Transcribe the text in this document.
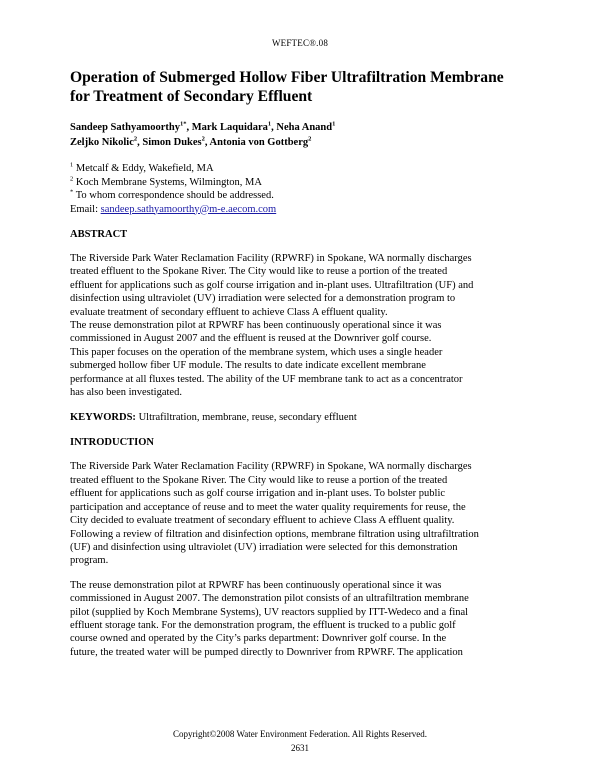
WEFTEC®.08
Operation of Submerged Hollow Fiber Ultrafiltration Membrane
for Treatment of Secondary Effluent
Sandeep Sathyamoorthy$^{1*}$, Mark Laquidara$^1$, Neha Anand$^1$
Zeljko Nikolic$^2$, Simon Dukes$^2$, Antonia von Gottberg$^2$
$^1$ Metcalf & Eddy, Wakefield, MA
$^2$ Koch Membrane Systems, Wilmington, MA
* To whom correspondence should be addressed.
Email: sandeep.sathyamoorthy@m-e.aecom.com
ABSTRACT
The Riverside Park Water Reclamation Facility (RPWRF) in Spokane, WA normally discharges
treated effluent to the Spokane River. The City would like to reuse a portion of the treated
effluent for applications such as golf course irrigation and in-plant uses. Ultrafiltration (UF) and
disinfection using ultraviolet (UV) irradiation were selected for a demonstration program to
evaluate treatment of secondary effluent to achieve Class A effluent quality.
The reuse demonstration pilot at RPWRF has been continuously operational since it was
commissioned in August 2007 and the effluent is reused at the Downriver golf course.
This paper focuses on the operation of the membrane system, which uses a single header
submerged hollow fiber UF module. The results to date indicate excellent membrane
performance at all fluxes tested. The ability of the UF membrane tank to act as a concentrator
has also been investigated.
KEYWORDS: Ultrafiltration, membrane, reuse, secondary effluent
INTRODUCTION
The Riverside Park Water Reclamation Facility (RPWRF) in Spokane, WA normally discharges
treated effluent to the Spokane River. The City would like to reuse a portion of the treated
effluent for applications such as golf course irrigation and in-plant uses. To bolster public
participation and acceptance of reuse and to meet the water quality requirements for reuse, the
City decided to evaluate treatment of secondary effluent to achieve Class A effluent quality.
Following a review of filtration and disinfection options, membrane filtration using ultrafiltration
(UF) and disinfection using ultraviolet (UV) irradiation were selected for this demonstration
program.
The reuse demonstration pilot at RPWRF has been continuously operational since it was
commissioned in August 2007. The demonstration pilot consists of an ultrafiltration membrane
pilot (supplied by Koch Membrane Systems), UV reactors supplied by ITT-Wedeco and a final
effluent storage tank. For the demonstration program, the effluent is trucked to a public golf
course owned and operated by the City’s parks department: Downriver golf course. In the
future, the treated water will be pumped directly to Downriver from RPWRF. The application
Copyright©2008 Water Environment Federation. All Rights Reserved.
2631
